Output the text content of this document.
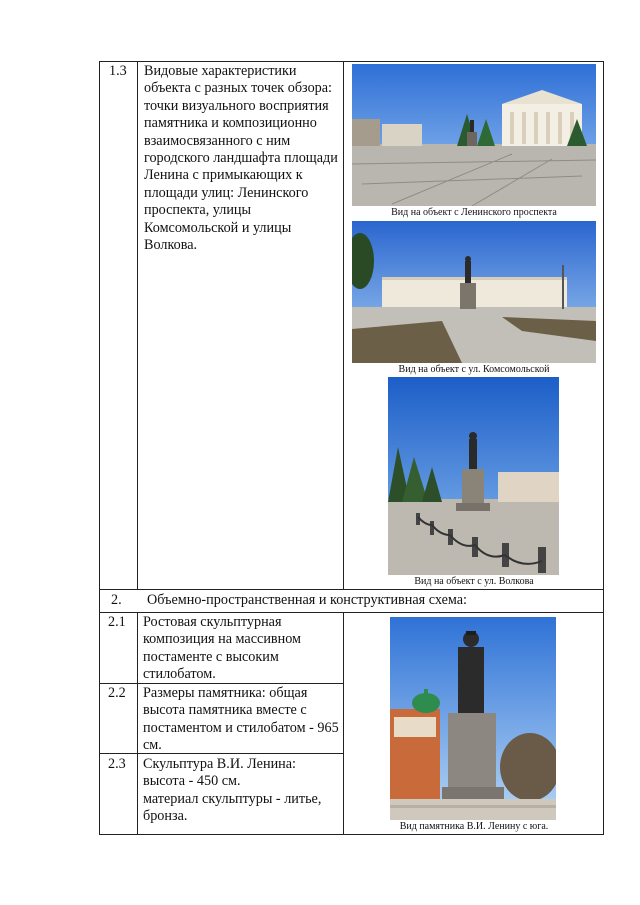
1.3 Видовые характеристики объекта с разных точек обзора: точки визуального восприятия памятника и композиционно взаимосвязанного с ним городского ландшафта площади Ленина с примыкающих к площади улиц: Ленинского проспекта, улицы Комсомольской и улицы Волкова.
Вид на объект с Ленинского проспекта
Вид на объект с ул. Комсомольской
Вид на объект с ул. Волкова
2. Объемно-пространственная и конструктивная схема:
2.1 Ростовая скульптурная композиция на массивном постаменте с высоким стилобатом.
2.2 Размеры памятника: общая высота памятника вместе с постаментом и стилобатом - 965 см.
2.3 Скульптура В.И. Ленина: высота - 450 см.
материал скульптуры - литье, бронза.
Вид памятника В.И. Ленину с юга.
